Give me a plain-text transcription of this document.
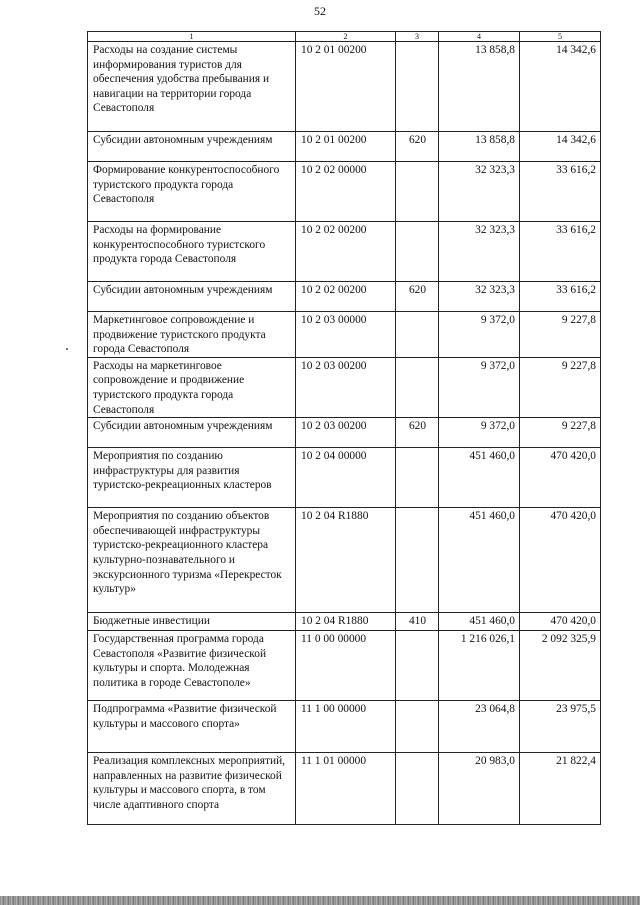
52
1	2	3	4	5
Расходы на создание системы информирования туристов для обеспечения удобства пребывания и навигации на территории города Севастополя	10 2 01 00200		13 858,8	14 342,6
Субсидии автономным учреждениям	10 2 01 00200	620	13 858,8	14 342,6
Формирование конкурентоспособного туристского продукта города Севастополя	10 2 02 00000		32 323,3	33 616,2
Расходы на формирование конкурентоспособного туристского продукта города Севастополя	10 2 02 00200		32 323,3	33 616,2
Субсидии автономным учреждениям	10 2 02 00200	620	32 323,3	33 616,2
Маркетинговое сопровождение и продвижение туристского продукта города Севастополя	10 2 03 00000		9 372,0	9 227,8
Расходы на маркетинговое сопровождение и продвижение туристского продукта города Севастополя	10 2 03 00200		9 372,0	9 227,8
Субсидии автономным учреждениям	10 2 03 00200	620	9 372,0	9 227,8
Мероприятия по созданию инфраструктуры для развития туристско-рекреационных кластеров	10 2 04 00000		451 460,0	470 420,0
Мероприятия по созданию объектов обеспечивающей инфраструктуры туристско-рекреационного кластера культурно-познавательного и экскурсионного туризма «Перекресток культур»	10 2 04 R1880		451 460,0	470 420,0
Бюджетные инвестиции	10 2 04 R1880	410	451 460,0	470 420,0
Государственная программа города Севастополя «Развитие физической культуры и спорта. Молодежная политика в городе Севастополе»	11 0 00 00000		1 216 026,1	2 092 325,9
Подпрограмма «Развитие физической культуры и массового спорта»	11 1 00 00000		23 064,8	23 975,5
Реализация комплексных мероприятий, направленных на развитие физической культуры и массового спорта, в том числе адаптивного спорта	11 1 01 00000		20 983,0	21 822,4
